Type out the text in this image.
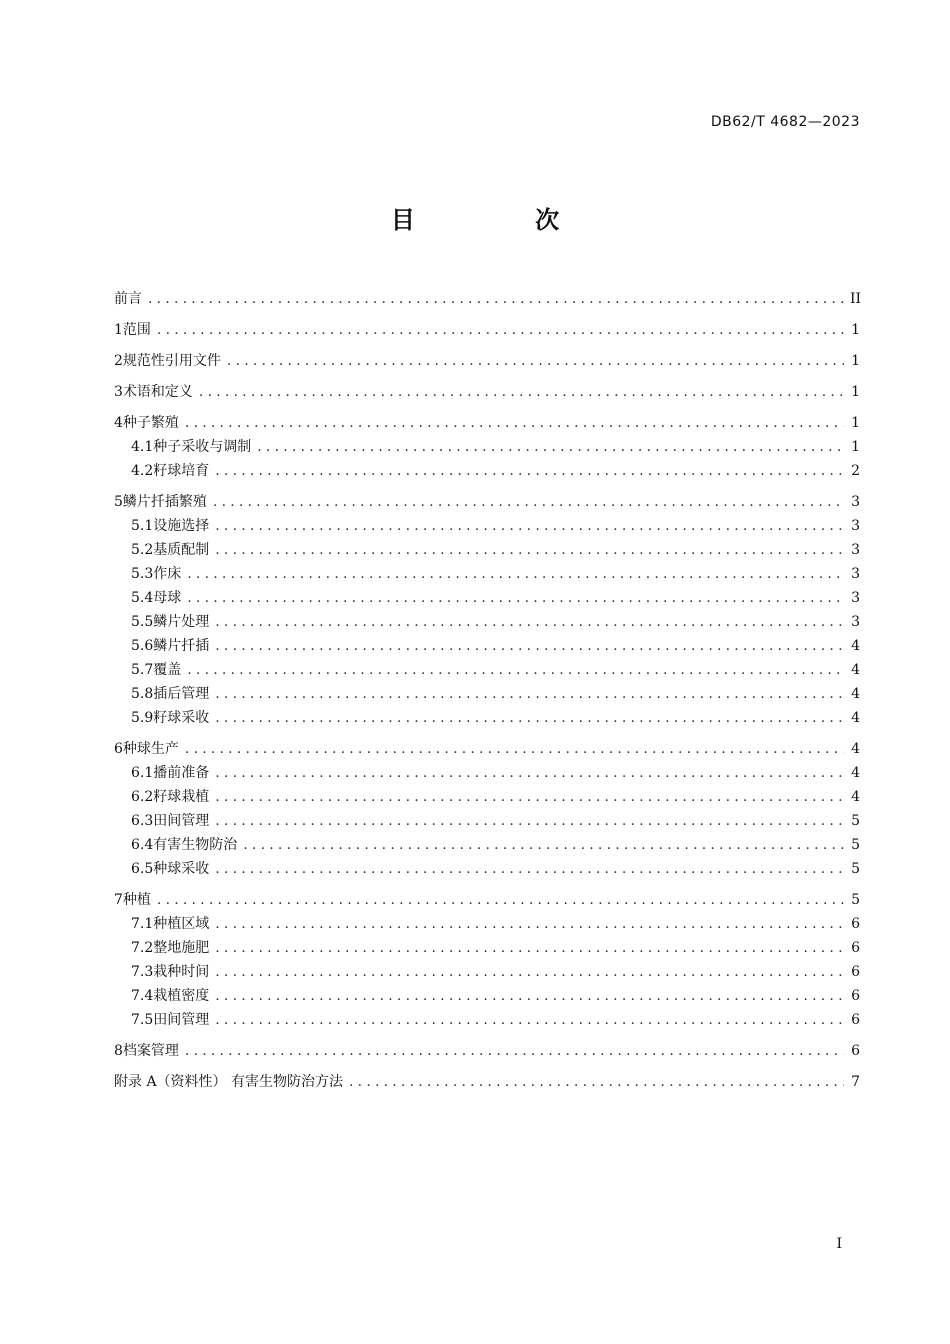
DB62/T 4682—2023
目 次
前言 .....	II
1 范围 .....	1
2 规范性引用文件 .....	1
3 术语和定义 .....	1
4 种子繁殖 .....	1
4.1 种子采收与调制 .....	1
4.2 籽球培育 .....	2
5 鳞片扦插繁殖 .....	3
5.1 设施选择 .....	3
5.2 基质配制 .....	3
5.3 作床 .....	3
5.4 母球 .....	3
5.5 鳞片处理 .....	3
5.6 鳞片扦插 .....	4
5.7 覆盖 .....	4
5.8 插后管理 .....	4
5.9 籽球采收 .....	4
6 种球生产 .....	4
6.1 播前准备 .....	4
6.2 籽球栽植 .....	4
6.3 田间管理 .....	5
6.4 有害生物防治 .....	5
6.5 种球采收 .....	5
7 种植 .....	5
7.1 种植区域 .....	6
7.2 整地施肥 .....	6
7.3 栽种时间 .....	6
7.4 栽植密度 .....	6
7.5 田间管理 .....	6
8 档案管理 .....	6
附录 A（资料性） 有害生物防治方法 .....	7
I
